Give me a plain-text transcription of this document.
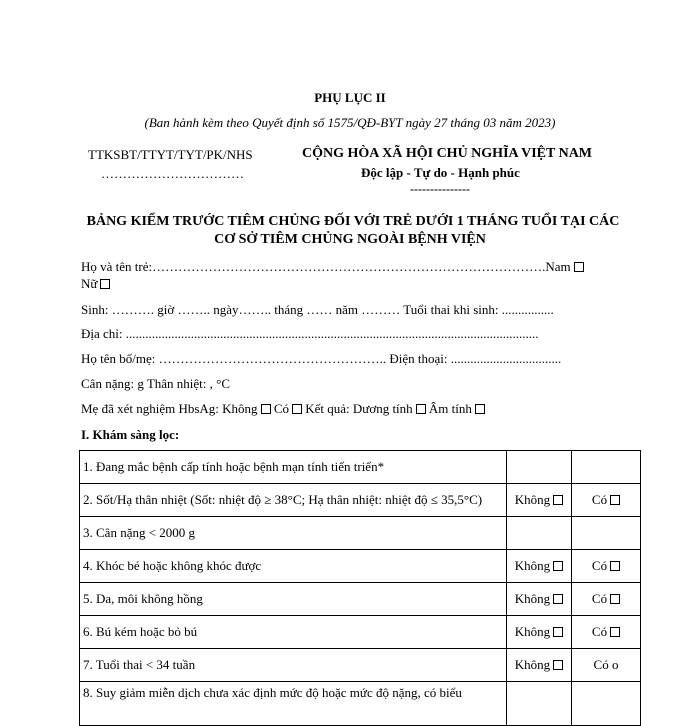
PHỤ LỤC II
(Ban hành kèm theo Quyết định số 1575/QĐ-BYT ngày 27 tháng 03 năm 2023)
TTKSBT/TTYT/TYT/PK/NHS
……………………………
CỘNG HÒA XÃ HỘI CHỦ NGHĨA VIỆT NAM
Độc lập - Tự do - Hạnh phúc
---------------
BẢNG KIỂM TRƯỚC TIÊM CHỦNG ĐỐI VỚI TRẺ DƯỚI 1 THÁNG TUỔI TẠI CÁC
CƠ SỞ TIÊM CHỦNG NGOÀI BỆNH VIỆN
Họ và tên trẻ:……………………………………………………………………………….Nam
Nữ
Sinh: ………. giờ …….. ngày…….. tháng …… năm ……… Tuổi thai khi sinh: ................
Địa chỉ: ...............................................................................................................................
Họ tên bố/mẹ: …………………………………………….. Điện thoại: ..................................
Cân nặng: g Thân nhiệt: , °C
Mẹ đã xét nghiệm HbsAg: Không Có Kết quả: Dương tính Âm tính
I. Khám sàng lọc:
1. Đang mắc bệnh cấp tính hoặc bệnh mạn tính tiến triển*		
2. Sốt/Hạ thân nhiệt (Sốt: nhiệt độ ≥ 38°C; Hạ thân nhiệt: nhiệt độ ≤ 35,5°C)	Không	Có
3. Cân nặng < 2000 g		
4. Khóc bé hoặc không khóc được	Không	Có
5. Da, môi không hồng	Không	Có
6. Bú kém hoặc bỏ bú	Không	Có
7. Tuổi thai < 34 tuần	Không	Có o
8. Suy giảm miễn dịch chưa xác định mức độ hoặc mức độ nặng, có biểu		
